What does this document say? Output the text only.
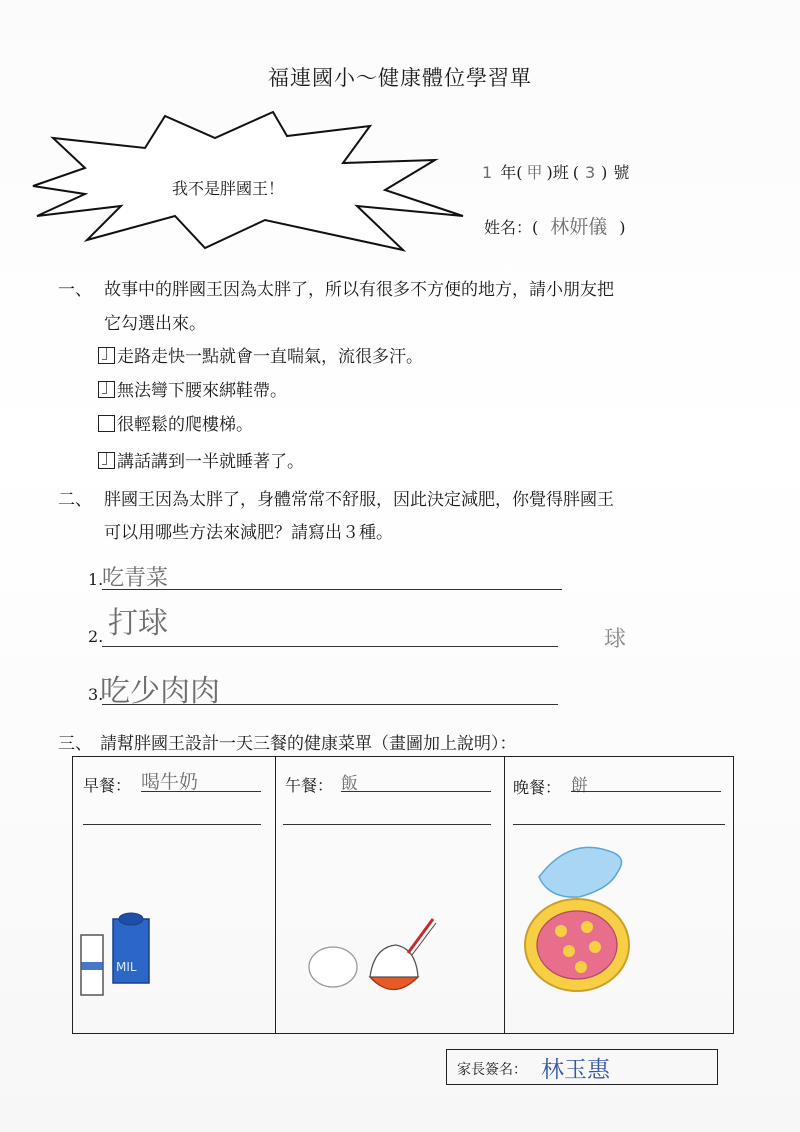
福連國小～健康體位學習單
我不是胖國王！
1 年( 甲 )班 ( 3 ) 號
姓名：( 林妍儀 )
一、 故事中的胖國王因為太胖了，所以有很多不方便的地方，請小朋友把
它勾選出來。
走路走快一點就會一直喘氣，流很多汗。
無法彎下腰來綁鞋帶。
很輕鬆的爬樓梯。
講話講到一半就睡著了。
二、 胖國王因為太胖了，身體常常不舒服，因此決定減肥，你覺得胖國王
可以用哪些方法來減肥？請寫出３種。
1.
吃青菜
2. 打球
3.
吃少肉肉
球
三、 請幫胖國王設計一天三餐的健康菜單（畫圖加上說明）：
早餐： 喝牛奶	午餐： 飯	晚餐： 餅
MIL
家長簽名： 林玉惠
